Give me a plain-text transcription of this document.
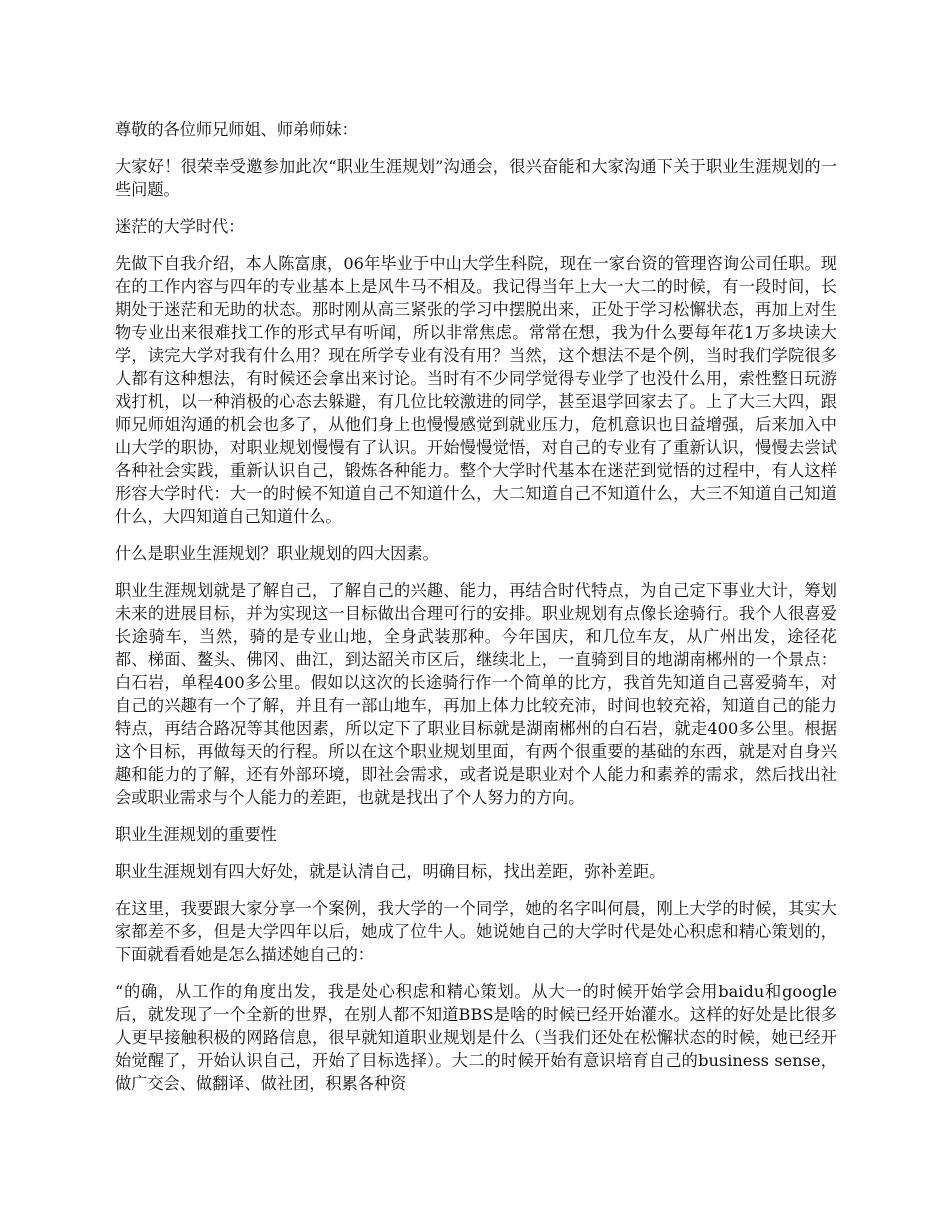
尊敬的各位师兄师姐、师弟师妹：

大家好！很荣幸受邀参加此次“职业生涯规划”沟通会，很兴奋能和大家沟通下关于职业生涯规划的一些问题。

迷茫的大学时代：

先做下自我介绍，本人陈富康，06年毕业于中山大学生科院，现在一家台资的管理咨询公司任职。现在的工作内容与四年的专业基本上是风牛马不相及。我记得当年上大一大二的时候，有一段时间，长期处于迷茫和无助的状态。那时刚从高三紧张的学习中摆脱出来，正处于学习松懈状态，再加上对生物专业出来很难找工作的形式早有听闻，所以非常焦虑。常常在想，我为什么要每年花1万多块读大学，读完大学对我有什么用？现在所学专业有没有用？当然，这个想法不是个例，当时我们学院很多人都有这种想法，有时候还会拿出来讨论。当时有不少同学觉得专业学了也没什么用，索性整日玩游戏打机，以一种消极的心态去躲避，有几位比较激进的同学，甚至退学回家去了。上了大三大四，跟师兄师姐沟通的机会也多了，从他们身上也慢慢感觉到就业压力，危机意识也日益增强，后来加入中山大学的职协，对职业规划慢慢有了认识。开始慢慢觉悟，对自己的专业有了重新认识，慢慢去尝试各种社会实践，重新认识自己，锻炼各种能力。整个大学时代基本在迷茫到觉悟的过程中，有人这样形容大学时代：大一的时候不知道自己不知道什么，大二知道自己不知道什么，大三不知道自己知道什么，大四知道自己知道什么。

什么是职业生涯规划？职业规划的四大因素。

职业生涯规划就是了解自己，了解自己的兴趣、能力，再结合时代特点，为自己定下事业大计，筹划未来的进展目标，并为实现这一目标做出合理可行的安排。职业规划有点像长途骑行。我个人很喜爱长途骑车，当然，骑的是专业山地，全身武装那种。今年国庆，和几位车友，从广州出发，途径花都、梯面、鳌头、佛冈、曲江，到达韶关市区后，继续北上，一直骑到目的地湖南郴州的一个景点：白石岩，单程400多公里。假如以这次的长途骑行作一个简单的比方，我首先知道自己喜爱骑车，对自己的兴趣有一个了解，并且有一部山地车，再加上体力比较充沛，时间也较充裕，知道自己的能力特点，再结合路况等其他因素，所以定下了职业目标就是湖南郴州的白石岩，就走400多公里。根据这个目标，再做每天的行程。所以在这个职业规划里面，有两个很重要的基础的东西，就是对自身兴趣和能力的了解，还有外部环境，即社会需求，或者说是职业对个人能力和素养的需求，然后找出社会或职业需求与个人能力的差距，也就是找出了个人努力的方向。

职业生涯规划的重要性

职业生涯规划有四大好处，就是认清自己，明确目标，找出差距，弥补差距。

在这里，我要跟大家分享一个案例，我大学的一个同学，她的名字叫何晨，刚上大学的时候，其实大家都差不多，但是大学四年以后，她成了位牛人。她说她自己的大学时代是处心积虑和精心策划的，下面就看看她是怎么描述她自己的：

“的确，从工作的角度出发，我是处心积虑和精心策划。从大一的时候开始学会用baidu和google后，就发现了一个全新的世界，在别人都不知道BBS是啥的时候已经开始灌水。这样的好处是比很多人更早接触积极的网路信息，很早就知道职业规划是什么（当我们还处在松懈状态的时候，她已经开始觉醒了，开始认识自己，开始了目标选择）。大二的时候开始有意识培育自己的business sense，做广交会、做翻译、做社团，积累各种资
